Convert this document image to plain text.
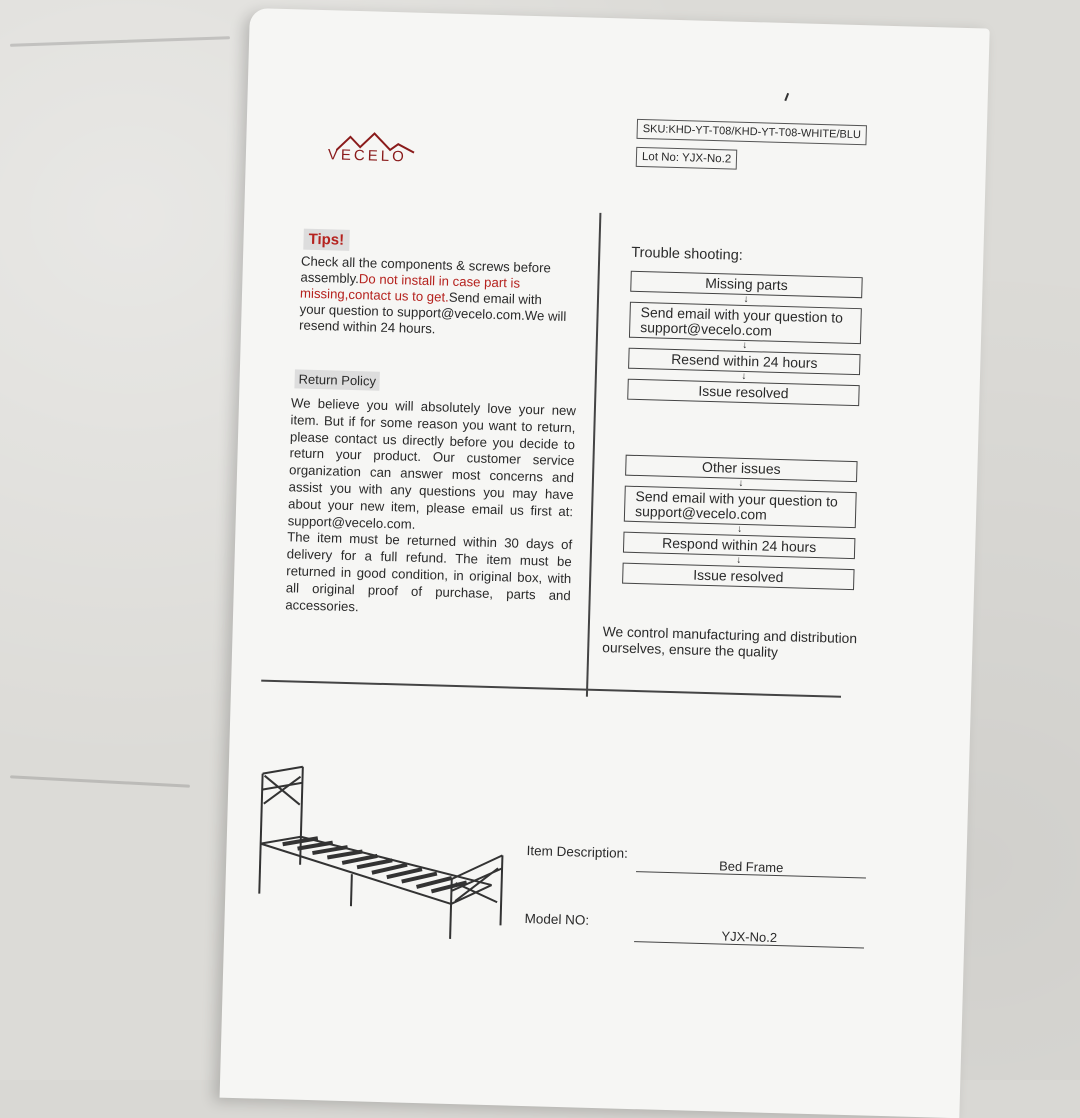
VECELO
SKU:KHD-YT-T08/KHD-YT-T08-WHITE/BLU
Lot No: YJX-No.2
Tips!
Check all the components & screws before assembly.Do not install in case part is missing,contact us to get.Send email with your question to support@vecelo.com.We will resend within 24 hours.
Return Policy
We believe you will absolutely love your new item. But if for some reason you want to return, please contact us directly before you decide to return your product. Our customer service organization can answer most concerns and assist you with any questions you may have about your new item, please email us first at: support@vecelo.com.
The item must be returned within 30 days of delivery for a full refund. The item must be returned in good condition, in original box, with all original proof of purchase, parts and accessories.
Trouble shooting:
Missing parts
↓
Send email with your question to support@vecelo.com
↓
Resend within 24 hours
↓
Issue resolved
Other issues
↓
Send email with your question to support@vecelo.com
↓
Respond within 24 hours
↓
Issue resolved
We control manufacturing and distribution ourselves, ensure the quality
Item Description:
Bed Frame
Model NO:
YJX-No.2
